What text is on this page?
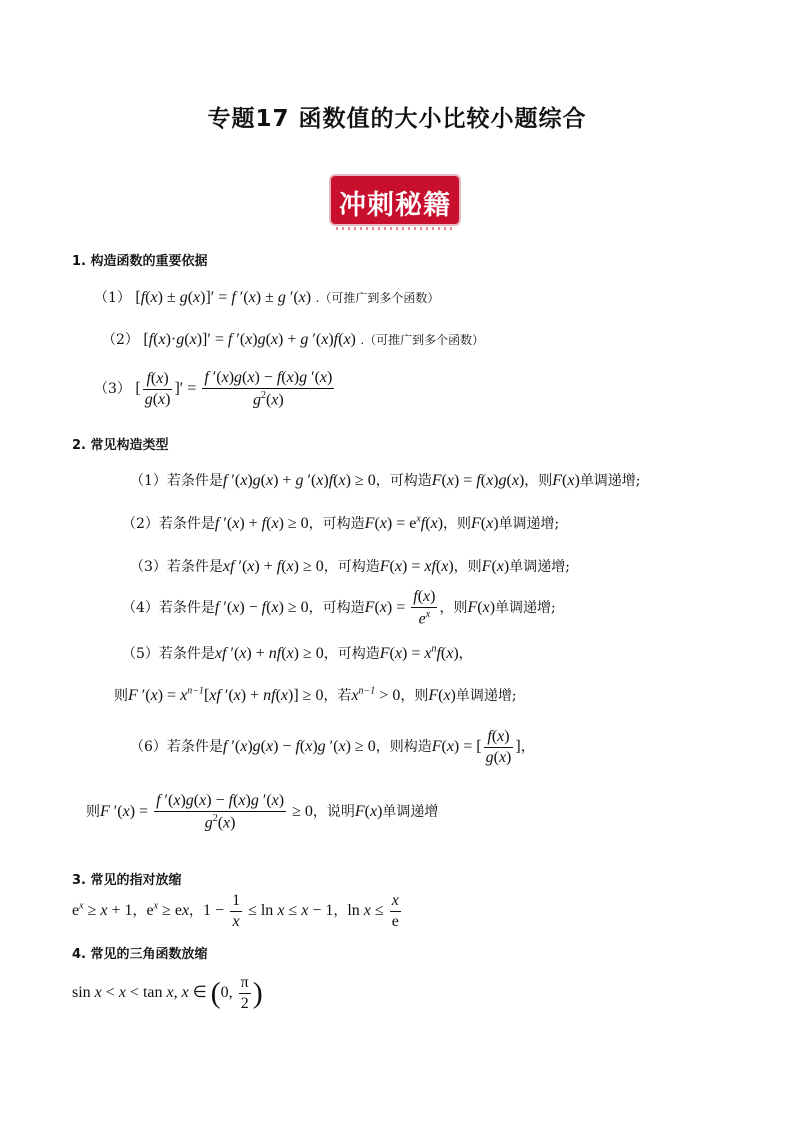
专题17 函数值的大小比较小题综合
冲刺秘籍
1. 构造函数的重要依据
（1） [f(x) ± g(x)]′ = f ′(x) ± g ′(x) .（可推广到多个函数）
（2） [f(x)·g(x)]′ = f ′(x)g(x) + g ′(x)f(x) .（可推广到多个函数）
（3） [ $\frac{f(x)}{g(x)}$ ]′ = $\frac{f '(x)g(x) - f(x)g '(x)}{g^2(x)}$
2. 常见构造类型
（1）若条件是f ′(x)g(x) + g ′(x)f(x) ≥ 0，可构造F(x) = f(x)g(x)，则F(x)单调递增;
（2）若条件是f ′(x) + f(x) ≥ 0，可构造$F(x) = e^xf(x)$，则F(x)单调递增;
（3）若条件是xf ′(x) + f(x) ≥ 0，可构造F(x) = xf(x)，则F(x)单调递增;
（4）若条件是f ′(x) − f(x) ≥ 0，可构造$F(x) = \frac{f(x)}{e^x}$ ，则F(x)单调递增;
（5）若条件是xf ′(x) + nf(x) ≥ 0，可构造$F(x) = x^nf(x)$，
则F $'(x) = x^{n-1}[xf$ ′(x) + nf(x)] ≥ 0，若$x^{n-1} > 0$，则F(x)单调递增;
（6）若条件是f ′(x)g(x) − f(x)g ′(x) ≥ 0，则构造F(x) = [ $\frac{f(x)}{g(x)}$ ]，
则F $'(x) = \frac{f '(x)g(x) - f(x)g '(x)}{g^2(x)} \ge 0$，说明F(x)单调递增
3. 常见的指对放缩
$e^x \ge x + 1$，$e^x$ ≥ ex，$1 - \frac{1}{x} \le \ln x \le x - 1$，$\ln x \le \frac{x}{e}$
4. 常见的三角函数放缩
sin x < x < tan x, x ∈ (0, $\frac{\pi}{2}$ )
